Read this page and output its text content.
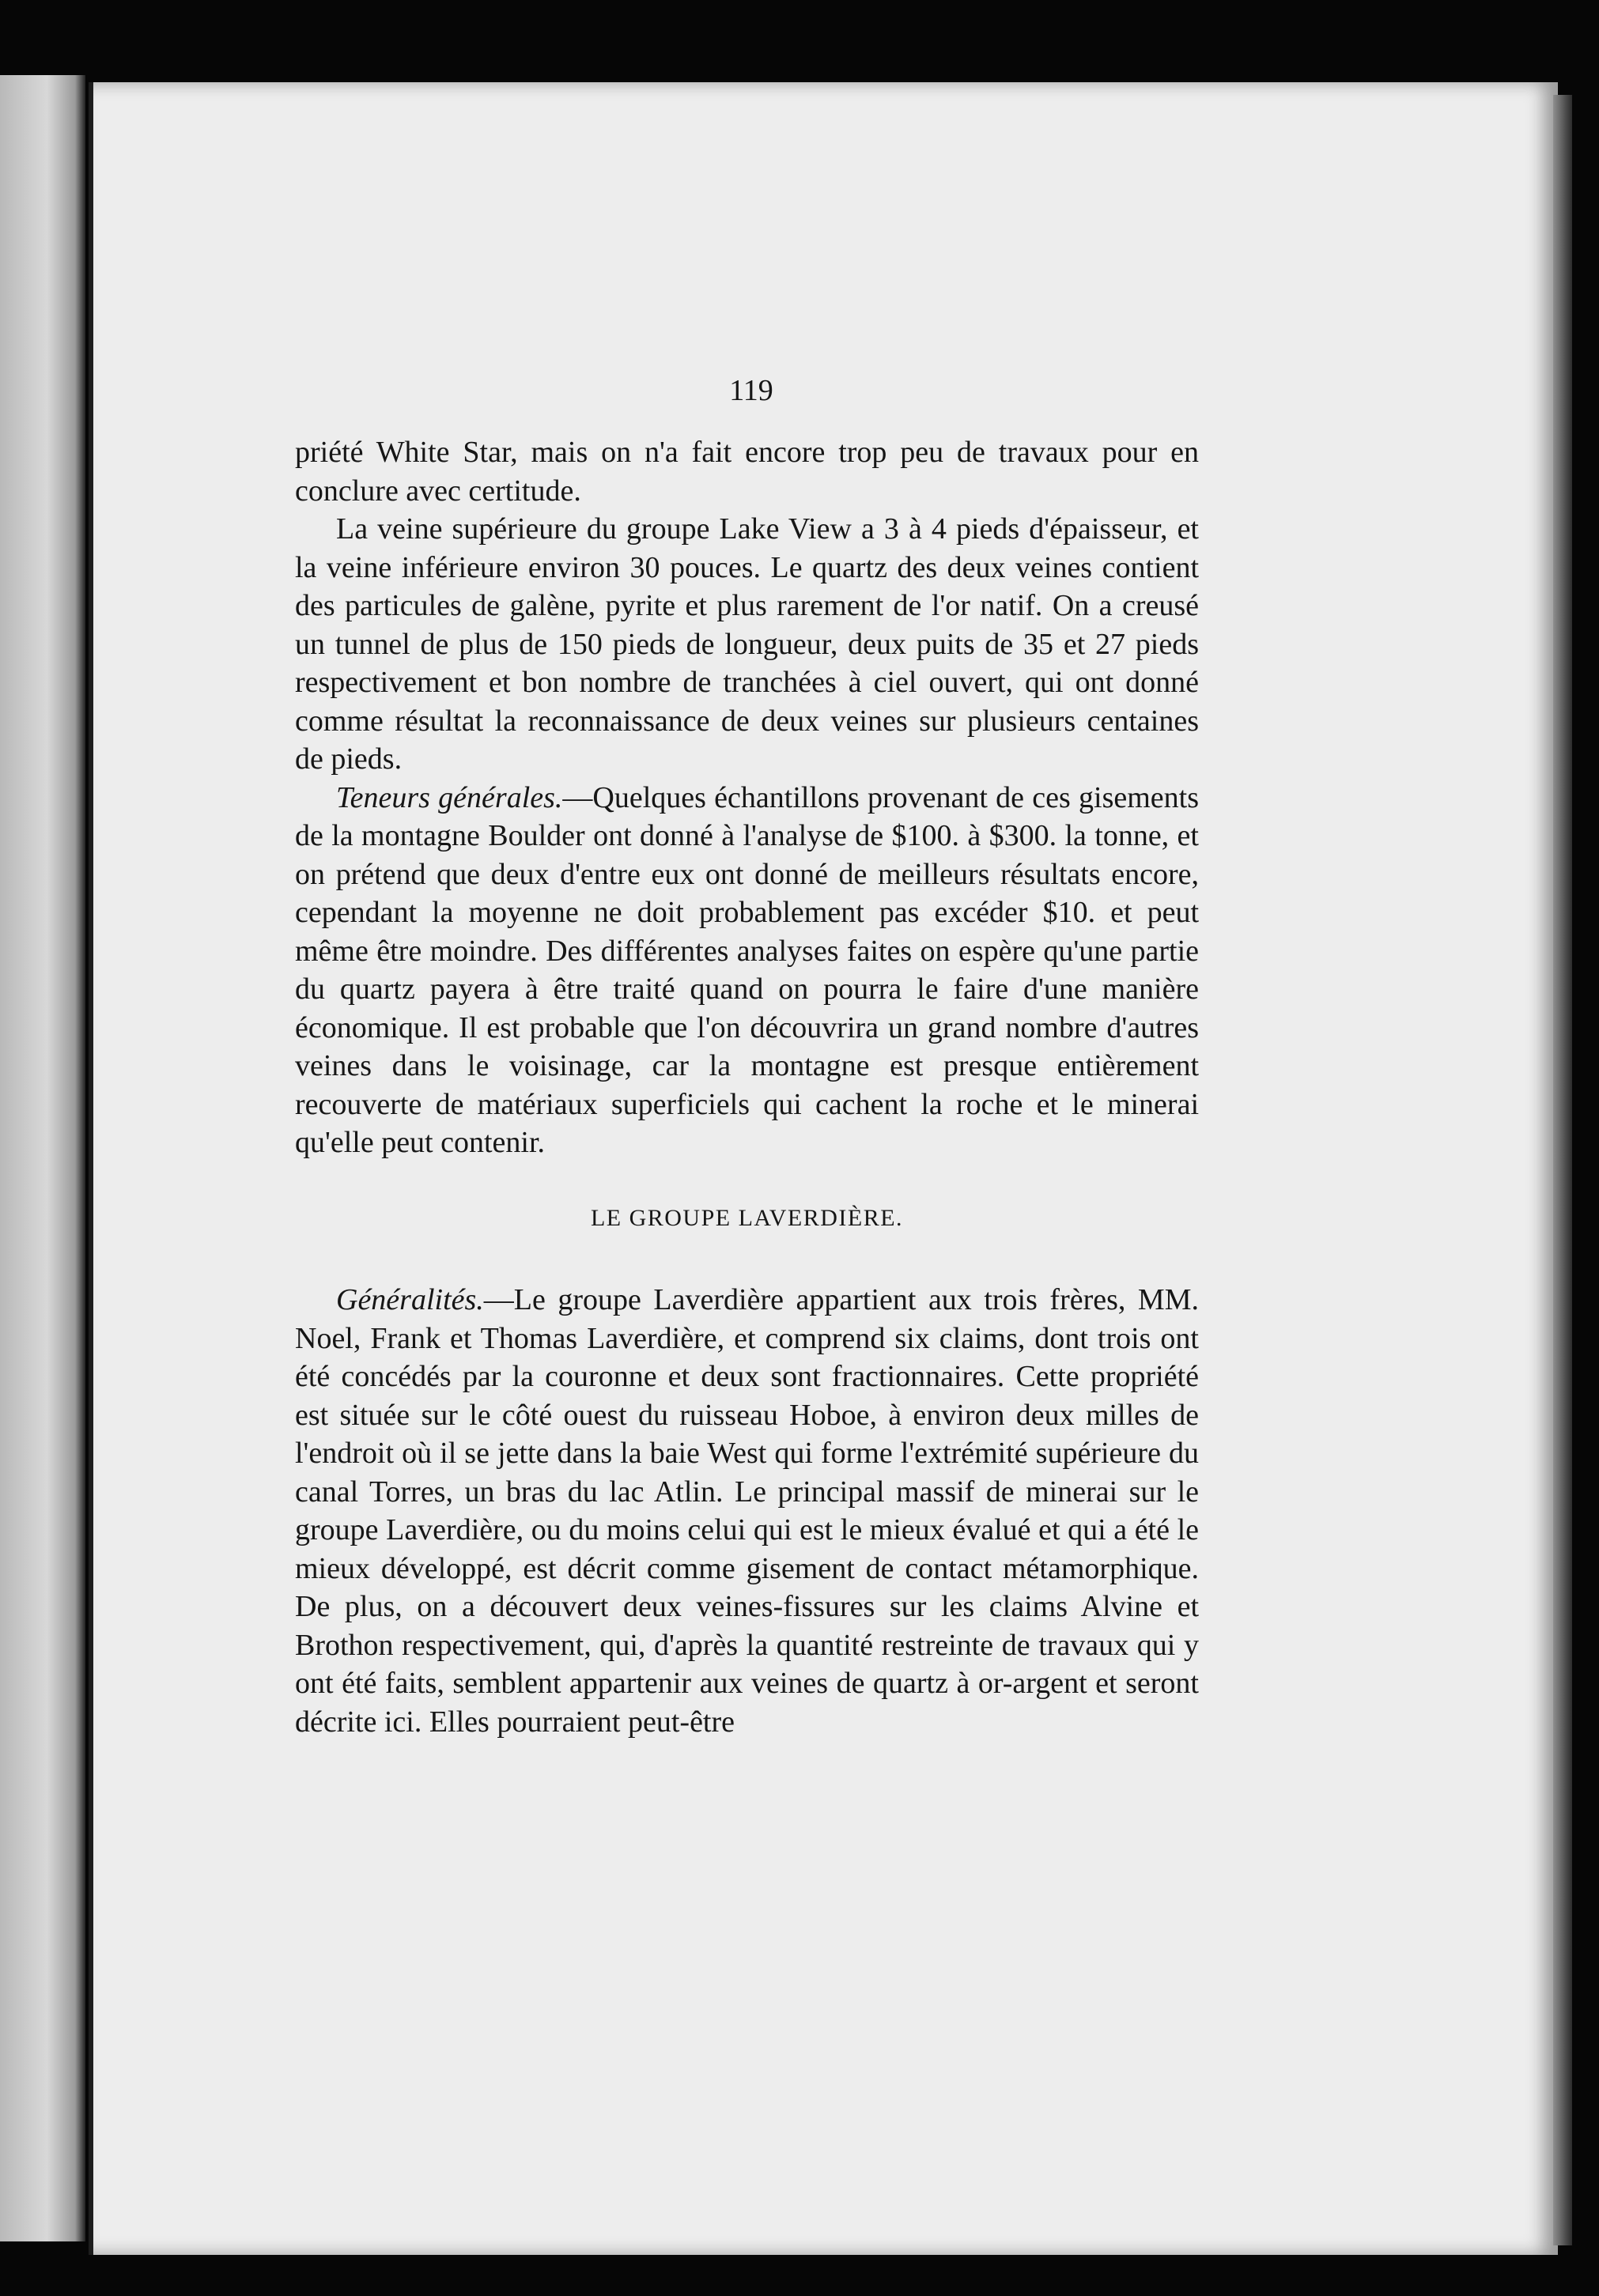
119

priété White Star, mais on n'a fait encore trop peu de travaux pour en conclure avec certitude.

La veine supérieure du groupe Lake View a 3 à 4 pieds d'épaisseur, et la veine inférieure environ 30 pouces. Le quartz des deux veines contient des particules de galène, pyrite et plus rarement de l'or natif. On a creusé un tunnel de plus de 150 pieds de longueur, deux puits de 35 et 27 pieds respectivement et bon nombre de tranchées à ciel ouvert, qui ont donné comme résultat la reconnaissance de deux veines sur plusieurs centaines de pieds.

Teneurs générales.—Quelques échantillons provenant de ces gisements de la montagne Boulder ont donné à l'analyse de $100. à $300. la tonne, et on prétend que deux d'entre eux ont donné de meilleurs résultats encore, cependant la moyenne ne doit probablement pas excéder $10. et peut même être moindre. Des différentes analyses faites on espère qu'une partie du quartz payera à être traité quand on pourra le faire d'une manière économique. Il est probable que l'on découvrira un grand nombre d'autres veines dans le voisinage, car la montagne est presque entièrement recouverte de matériaux superficiels qui cachent la roche et le minerai qu'elle peut contenir.

LE GROUPE LAVERDIÈRE.

Généralités.—Le groupe Laverdière appartient aux trois frères, MM. Noel, Frank et Thomas Laverdière, et comprend six claims, dont trois ont été concédés par la couronne et deux sont fractionnaires. Cette propriété est située sur le côté ouest du ruisseau Hoboe, à environ deux milles de l'endroit où il se jette dans la baie West qui forme l'extrémité supérieure du canal Torres, un bras du lac Atlin. Le principal massif de minerai sur le groupe Laverdière, ou du moins celui qui est le mieux évalué et qui a été le mieux développé, est décrit comme gisement de contact métamorphique. De plus, on a découvert deux veines-fissures sur les claims Alvine et Brothon respectivement, qui, d'après la quantité restreinte de travaux qui y ont été faits, semblent appartenir aux veines de quartz à or-argent et seront décrite ici. Elles pourraient peut-être
